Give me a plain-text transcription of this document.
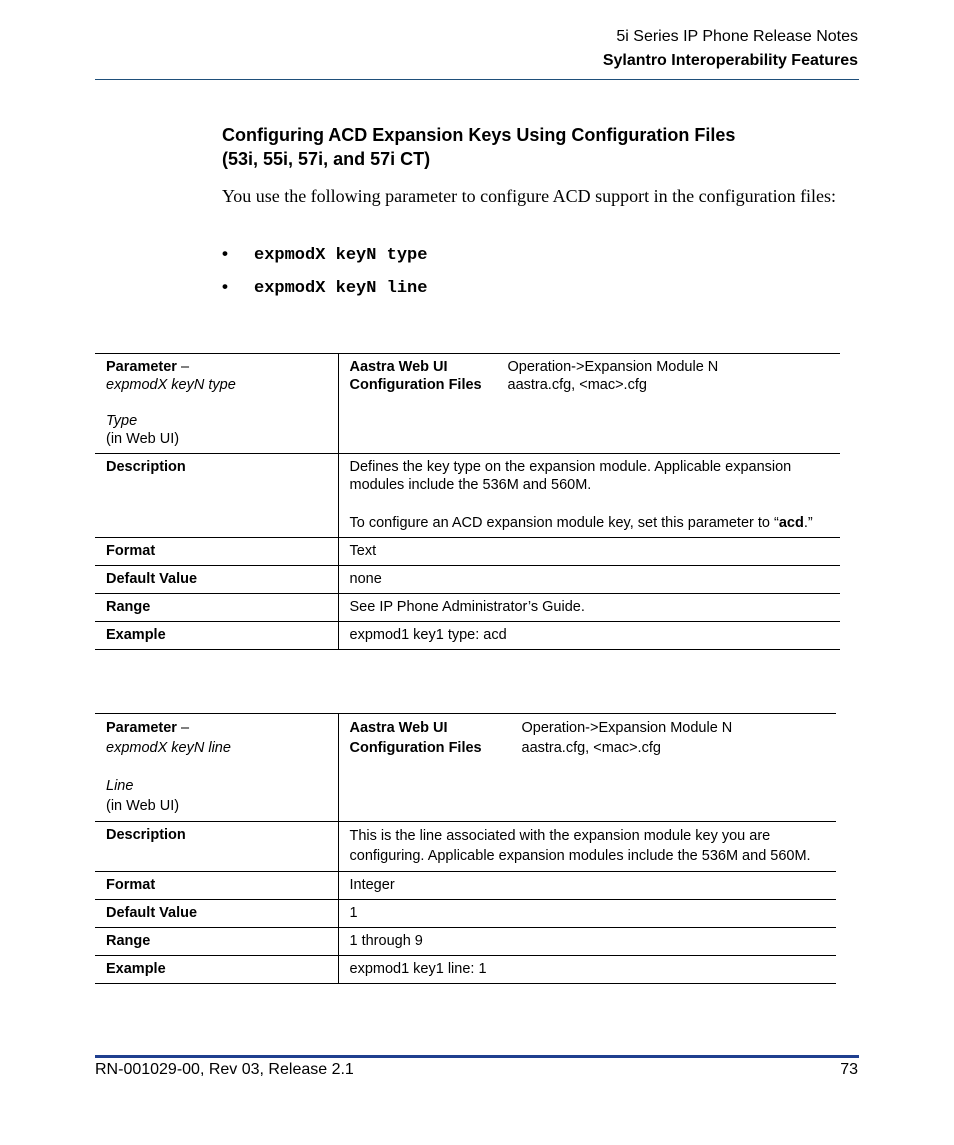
5i Series IP Phone Release Notes
Sylantro Interoperability Features
Configuring ACD Expansion Keys Using Configuration Files
(53i, 55i, 57i, and 57i CT)
You use the following parameter to configure ACD support in the configuration files:
• expmodX keyN type
• expmodX keyN line
Parameter –
expmodX keyN type
Type
(in Web UI)

Aastra Web UI	Operation->Expansion Module N
Configuration Files	aastra.cfg, <mac>.cfg

Description	Defines the key type on the expansion module. Applicable expansion modules include the 536M and 560M.
To configure an ACD expansion module key, set this parameter to “acd.”

Format	Text
Default Value	none
Range	See IP Phone Administrator’s Guide.
Example	expmod1 key1 type: acd
Parameter –
expmodX keyN line
Line
(in Web UI)

Aastra Web UI	Operation->Expansion Module N
Configuration Files	aastra.cfg, <mac>.cfg

Description	This is the line associated with the expansion module key you are configuring. Applicable expansion modules include the 536M and 560M.
Format	Integer
Default Value	1
Range	1 through 9
Example	expmod1 key1 line: 1
RN-001029-00, Rev 03, Release 2.1	73
